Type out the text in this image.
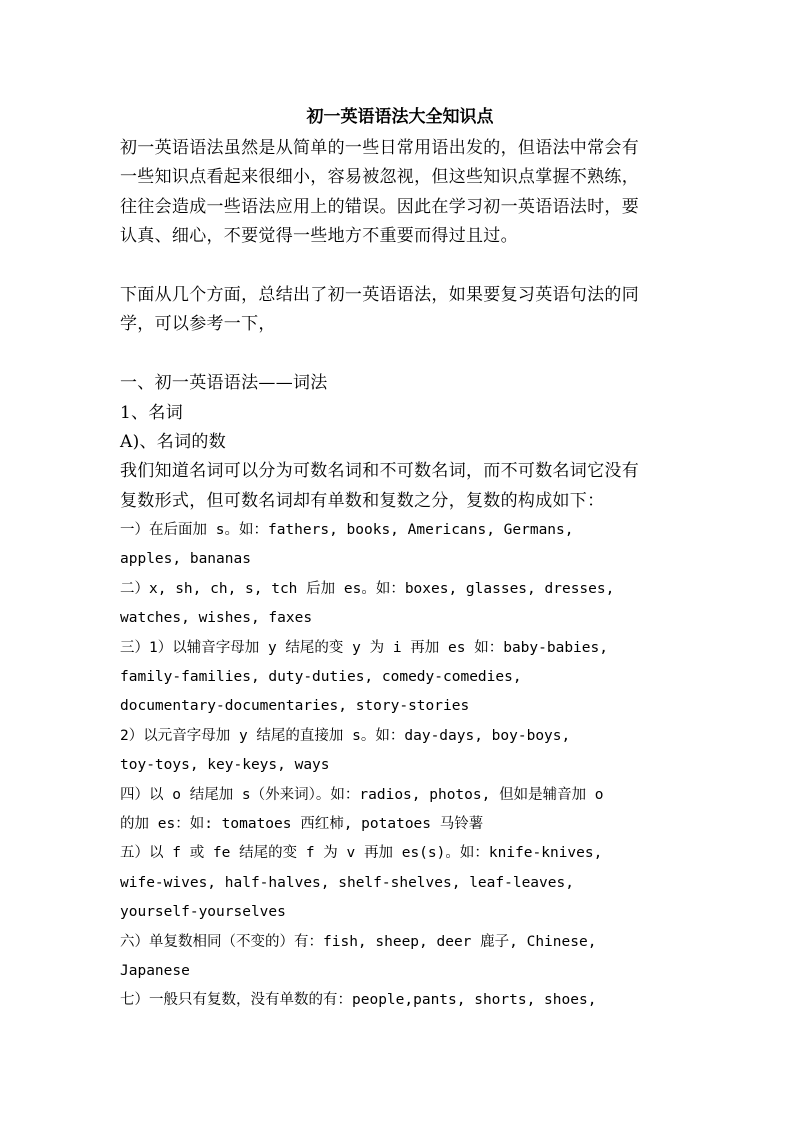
初一英语语法大全知识点
初一英语语法虽然是从简单的一些日常用语出发的，但语法中常会有
一些知识点看起来很细小，容易被忽视，但这些知识点掌握不熟练，
往往会造成一些语法应用上的错误。因此在学习初一英语语法时，要
认真、细心，不要觉得一些地方不重要而得过且过。
下面从几个方面，总结出了初一英语语法，如果要复习英语句法的同
学，可以参考一下，
一、初一英语语法——词法
1、名词
A)、名词的数
我们知道名词可以分为可数名词和不可数名词，而不可数名词它没有
复数形式，但可数名词却有单数和复数之分，复数的构成如下：
一）在后面加 s。如：fathers, books, Americans, Germans,
apples, bananas
二）x, sh, ch, s, tch 后加 es。如：boxes, glasses, dresses,
watches, wishes, faxes
三）1）以辅音字母加 y 结尾的变 y 为 i 再加 es 如：baby-babies,
family-families, duty-duties, comedy-comedies,
documentary-documentaries, story-stories
2）以元音字母加 y 结尾的直接加 s。如：day-days, boy-boys,
toy-toys, key-keys, ways
四）以 o 结尾加 s（外来词）。如：radios, photos, 但如是辅音加 o
的加 es：如: tomatoes 西红柿, potatoes 马铃薯
五）以 f 或 fe 结尾的变 f 为 v 再加 es(s)。如：knife-knives,
wife-wives, half-halves, shelf-shelves, leaf-leaves,
yourself-yourselves
六）单复数相同（不变的）有：fish, sheep, deer 鹿子, Chinese,
Japanese
七）一般只有复数，没有单数的有：people,pants, shorts, shoes,
